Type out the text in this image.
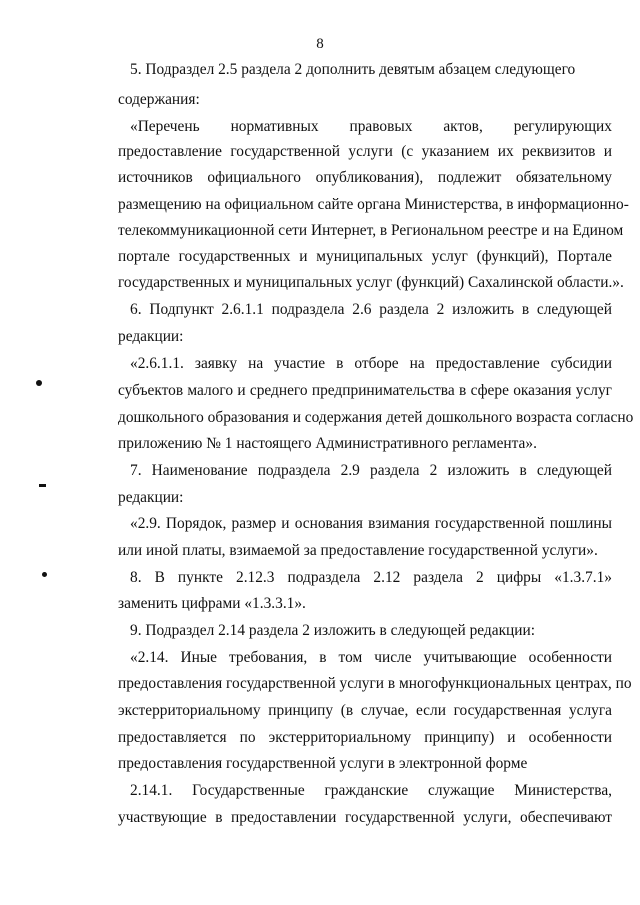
8
5. Подраздел 2.5 раздела 2 дополнить девятым абзацем следующего
содержания:
«Перечень нормативных правовых актов, регулирующих
предоставление государственной услуги (с указанием их реквизитов и
источников официального опубликования), подлежит обязательному
размещению на официальном сайте органа Министерства, в информационно-
телекоммуникационной сети Интернет, в Региональном реестре и на Едином
портале государственных и муниципальных услуг (функций), Портале
государственных и муниципальных услуг (функций) Сахалинской области.».
6. Подпункт 2.6.1.1 подраздела 2.6 раздела 2 изложить в следующей
редакции:
«2.6.1.1. заявку на участие в отборе на предоставление субсидии
субъектов малого и среднего предпринимательства в сфере оказания услуг
дошкольного образования и содержания детей дошкольного возраста согласно
приложению № 1 настоящего Административного регламента».
7. Наименование подраздела 2.9 раздела 2 изложить в следующей
редакции:
«2.9. Порядок, размер и основания взимания государственной пошлины
или иной платы, взимаемой за предоставление государственной услуги».
8. В пункте 2.12.3 подраздела 2.12 раздела 2 цифры «1.3.7.1»
заменить цифрами «1.3.3.1».
9. Подраздел 2.14 раздела 2 изложить в следующей редакции:
«2.14. Иные требования, в том числе учитывающие особенности
предоставления государственной услуги в многофункциональных центрах, по
экстерриториальному принципу (в случае, если государственная услуга
предоставляется по экстерриториальному принципу) и особенности
предоставления государственной услуги в электронной форме
2.14.1. Государственные гражданские служащие Министерства,
участвующие в предоставлении государственной услуги, обеспечивают
